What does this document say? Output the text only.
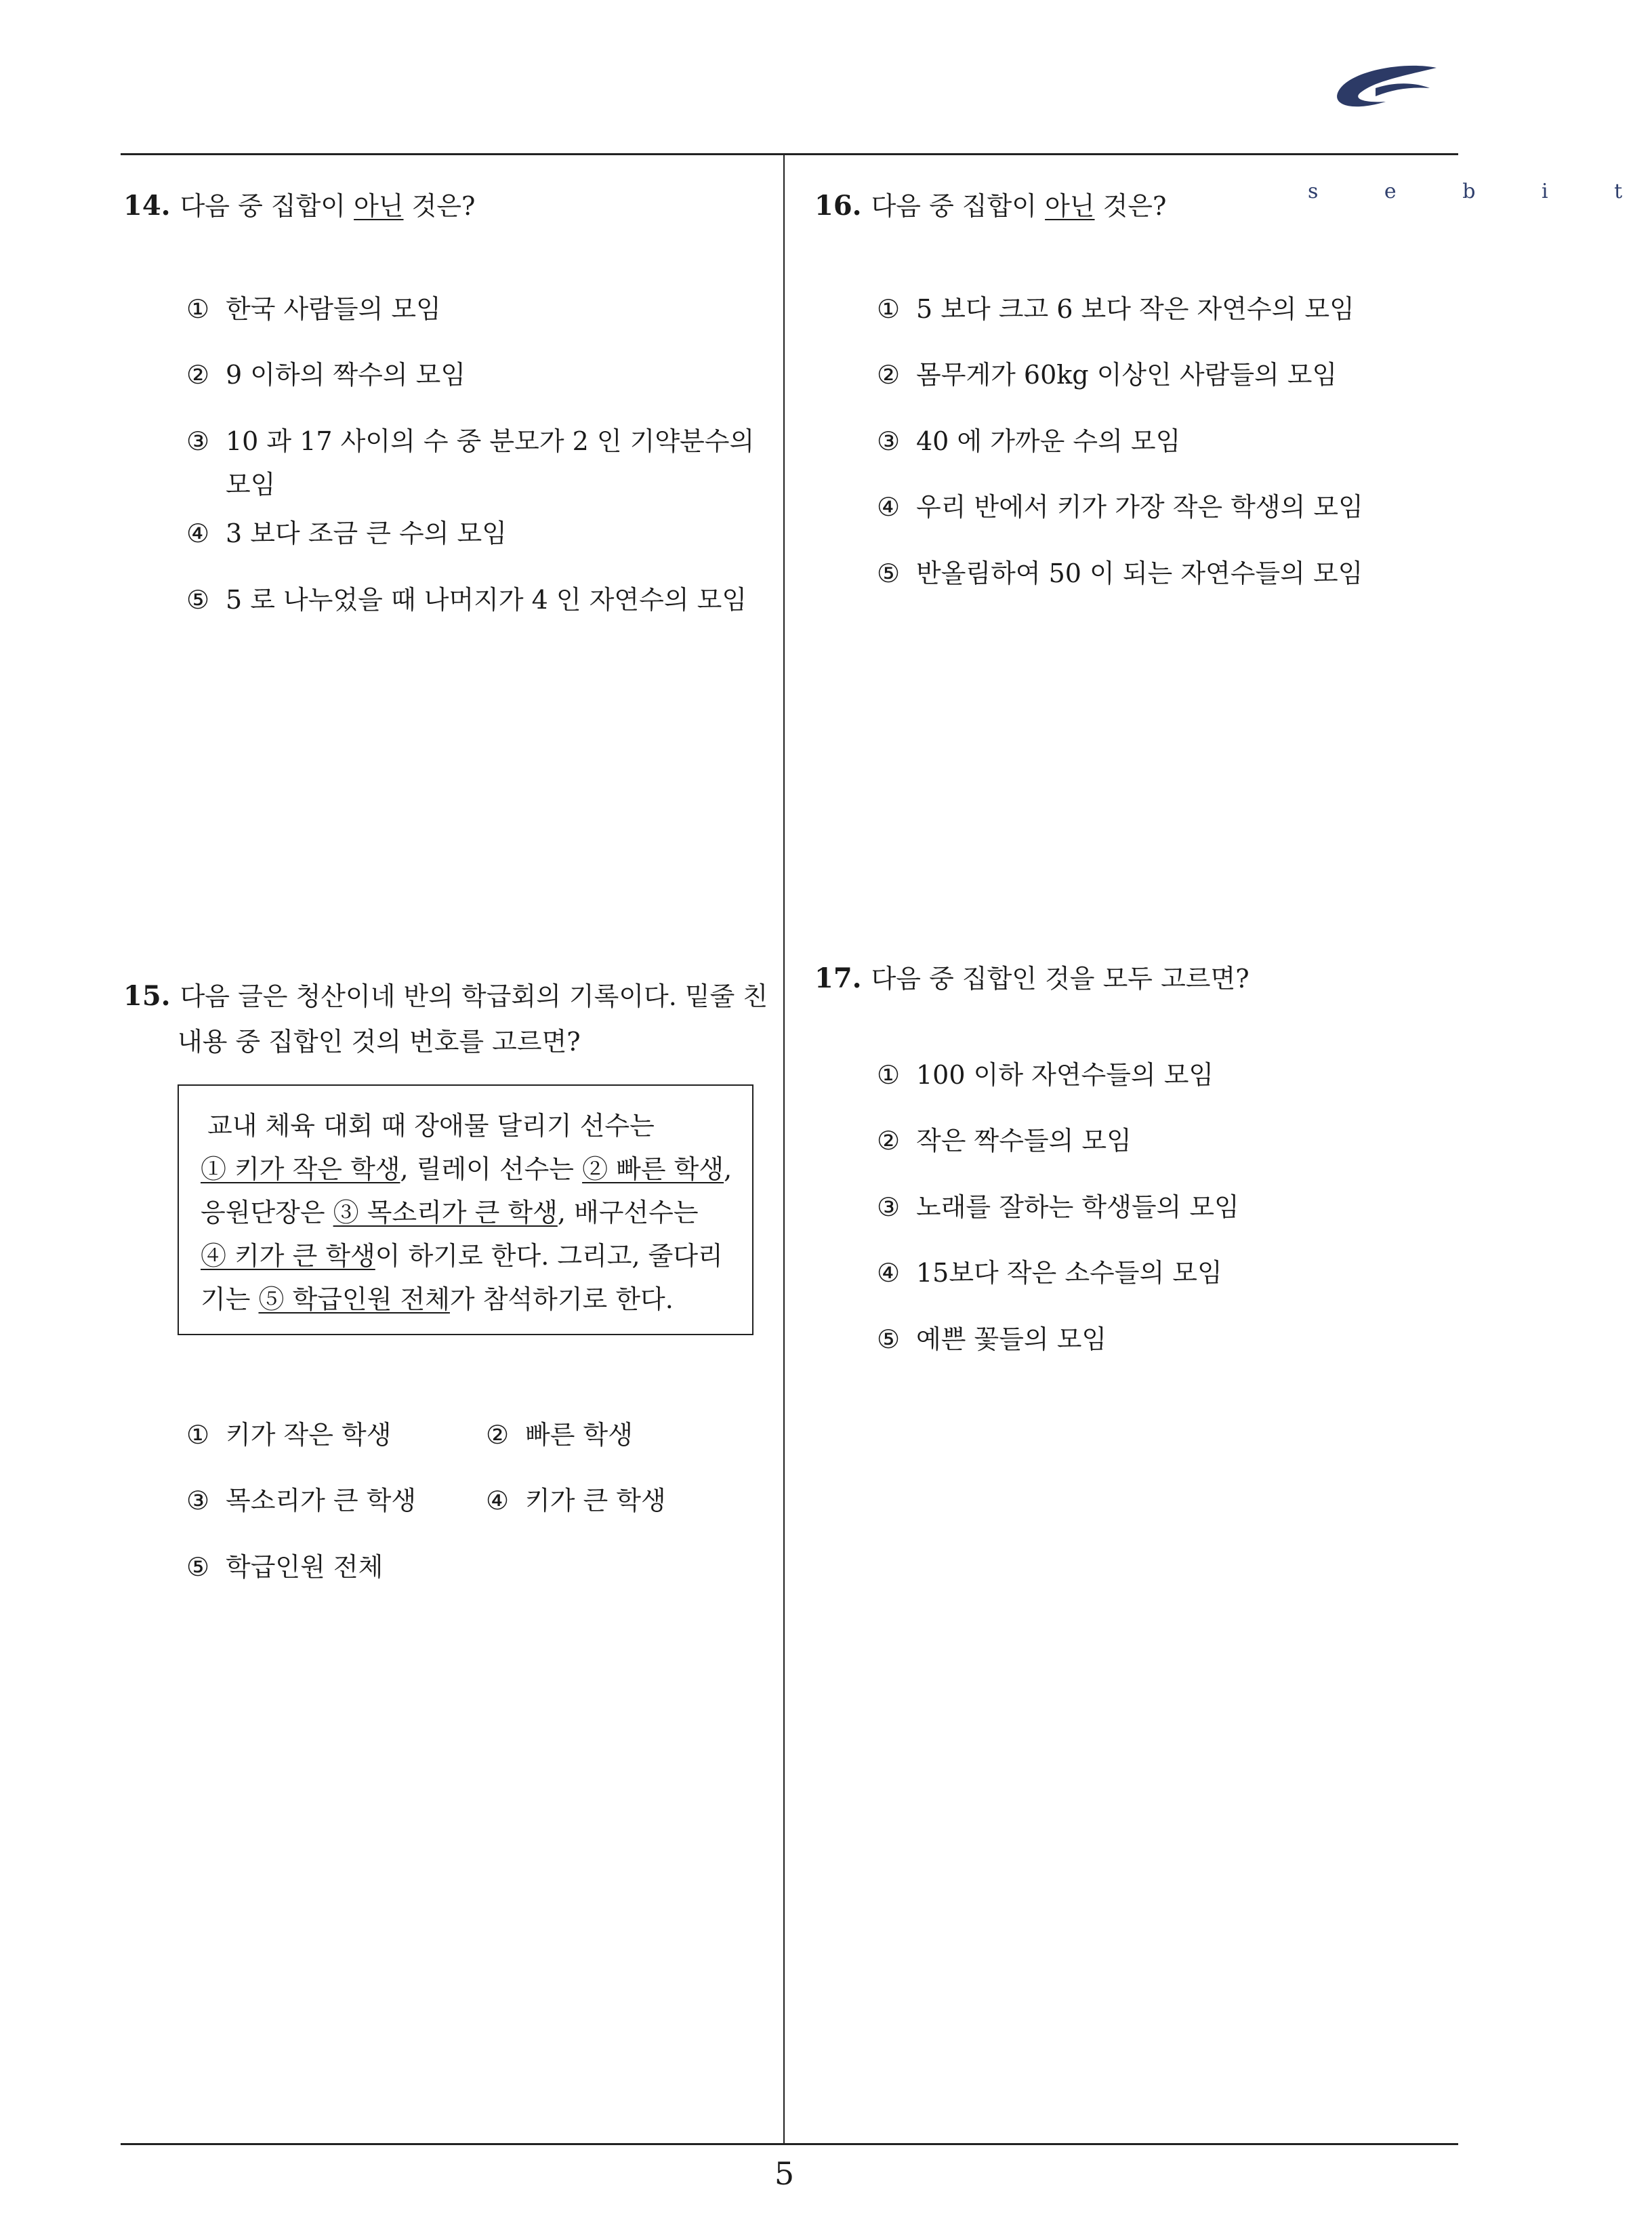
s e b i t
14. 다음 중 집합이 아닌 것은?
① 한국 사람들의 모임
② 9 이하의 짝수의 모임
③ 10 과 17 사이의 수 중 분모가 2 인 기약분수의
모임
④ 3 보다 조금 큰 수의 모임
⑤ 5 로 나누었을 때 나머지가 4 인 자연수의 모임
15. 다음 글은 청산이네 반의 학급회의 기록이다. 밑줄 친
내용 중 집합인 것의 번호를 고르면?
교내 체육 대회 때 장애물 달리기 선수는
① 키가 작은 학생, 릴레이 선수는 ② 빠른 학생,
응원단장은 ③ 목소리가 큰 학생, 배구선수는
④ 키가 큰 학생이 하기로 한다. 그리고, 줄다리
기는 ⑤ 학급인원 전체가 참석하기로 한다.
① 키가 작은 학생	② 빠른 학생
③ 목소리가 큰 학생	④ 키가 큰 학생
⑤ 학급인원 전체
16. 다음 중 집합이 아닌 것은?
① 5 보다 크고 6 보다 작은 자연수의 모임
② 몸무게가 60kg 이상인 사람들의 모임
③ 40 에 가까운 수의 모임
④ 우리 반에서 키가 가장 작은 학생의 모임
⑤ 반올림하여 50 이 되는 자연수들의 모임
17. 다음 중 집합인 것을 모두 고르면?
① 100 이하 자연수들의 모임
② 작은 짝수들의 모임
③ 노래를 잘하는 학생들의 모임
④ 15보다 작은 소수들의 모임
⑤ 예쁜 꽃들의 모임
5
